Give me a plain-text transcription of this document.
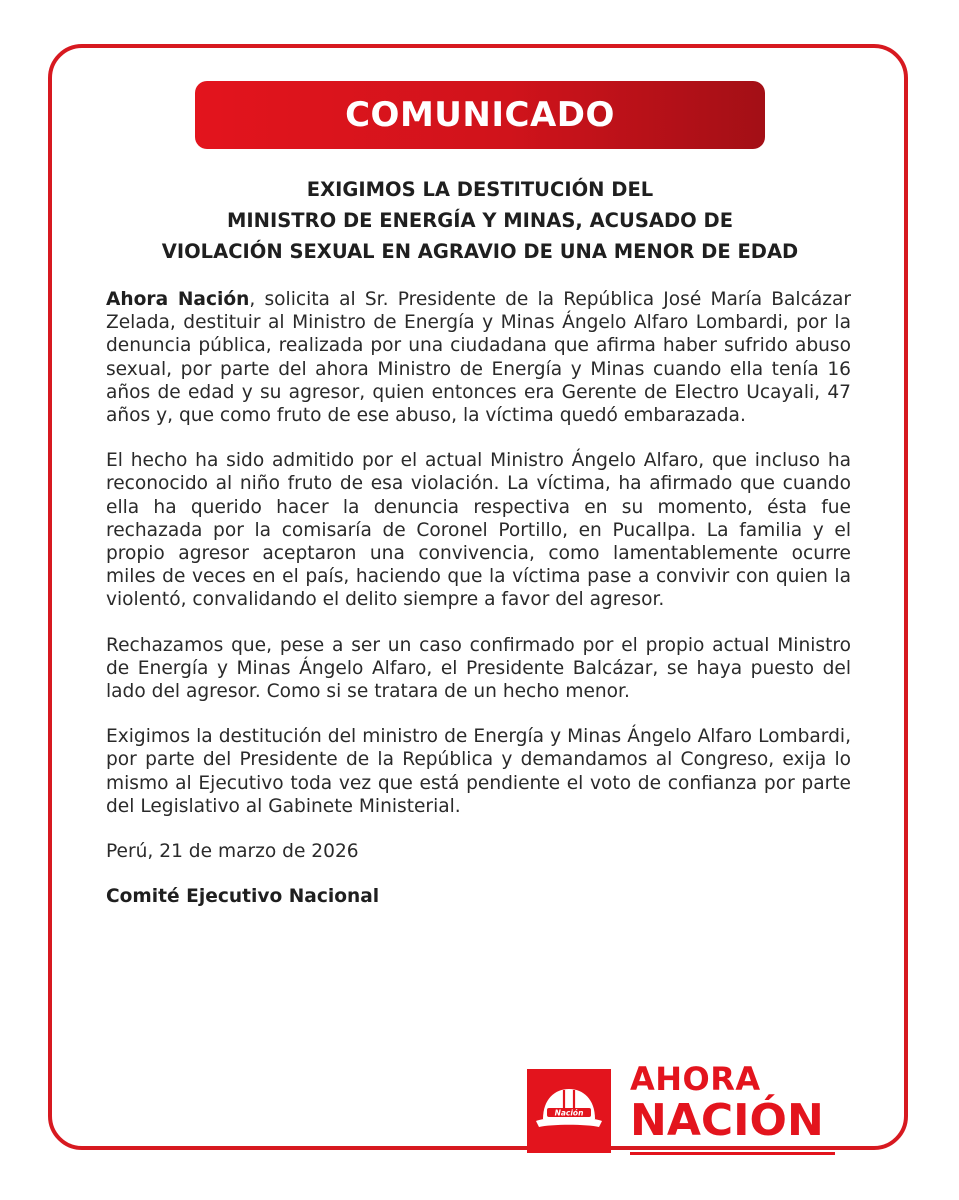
COMUNICADO
EXIGIMOS LA DESTITUCIÓN DEL
MINISTRO DE ENERGÍA Y MINAS, ACUSADO DE
VIOLACIÓN SEXUAL EN AGRAVIO DE UNA MENOR DE EDAD

Ahora Nación, solicita al Sr. Presidente de la República José María Balcázar Zelada, destituir al Ministro de Energía y Minas Ángelo Alfaro Lombardi, por la denuncia pública, realizada por una ciudadana que afirma haber sufrido abuso sexual, por parte del ahora Ministro de Energía y Minas cuando ella tenía 16 años de edad y su agresor, quien entonces era Gerente de Electro Ucayali, 47 años y, que como fruto de ese abuso, la víctima quedó embarazada.

El hecho ha sido admitido por el actual Ministro Ángelo Alfaro, que incluso ha reconocido al niño fruto de esa violación. La víctima, ha afirmado que cuando ella ha querido hacer la denuncia respectiva en su momento, ésta fue rechazada por la comisaría de Coronel Portillo, en Pucallpa. La familia y el propio agresor aceptaron una convivencia, como lamentablemente ocurre miles de veces en el país, haciendo que la víctima pase a convivir con quien la violentó, convalidando el delito siempre a favor del agresor.

Rechazamos que, pese a ser un caso confirmado por el propio actual Ministro de Energía y Minas Ángelo Alfaro, el Presidente Balcázar, se haya puesto del lado del agresor. Como si se tratara de un hecho menor.

Exigimos la destitución del ministro de Energía y Minas Ángelo Alfaro Lombardi, por parte del Presidente de la República y demandamos al Congreso, exija lo mismo al Ejecutivo toda vez que está pendiente el voto de confianza por parte del Legislativo al Gabinete Ministerial.

Perú, 21 de marzo de 2026

Comité Ejecutivo Nacional

Nación
AHORA
NACIÓN
